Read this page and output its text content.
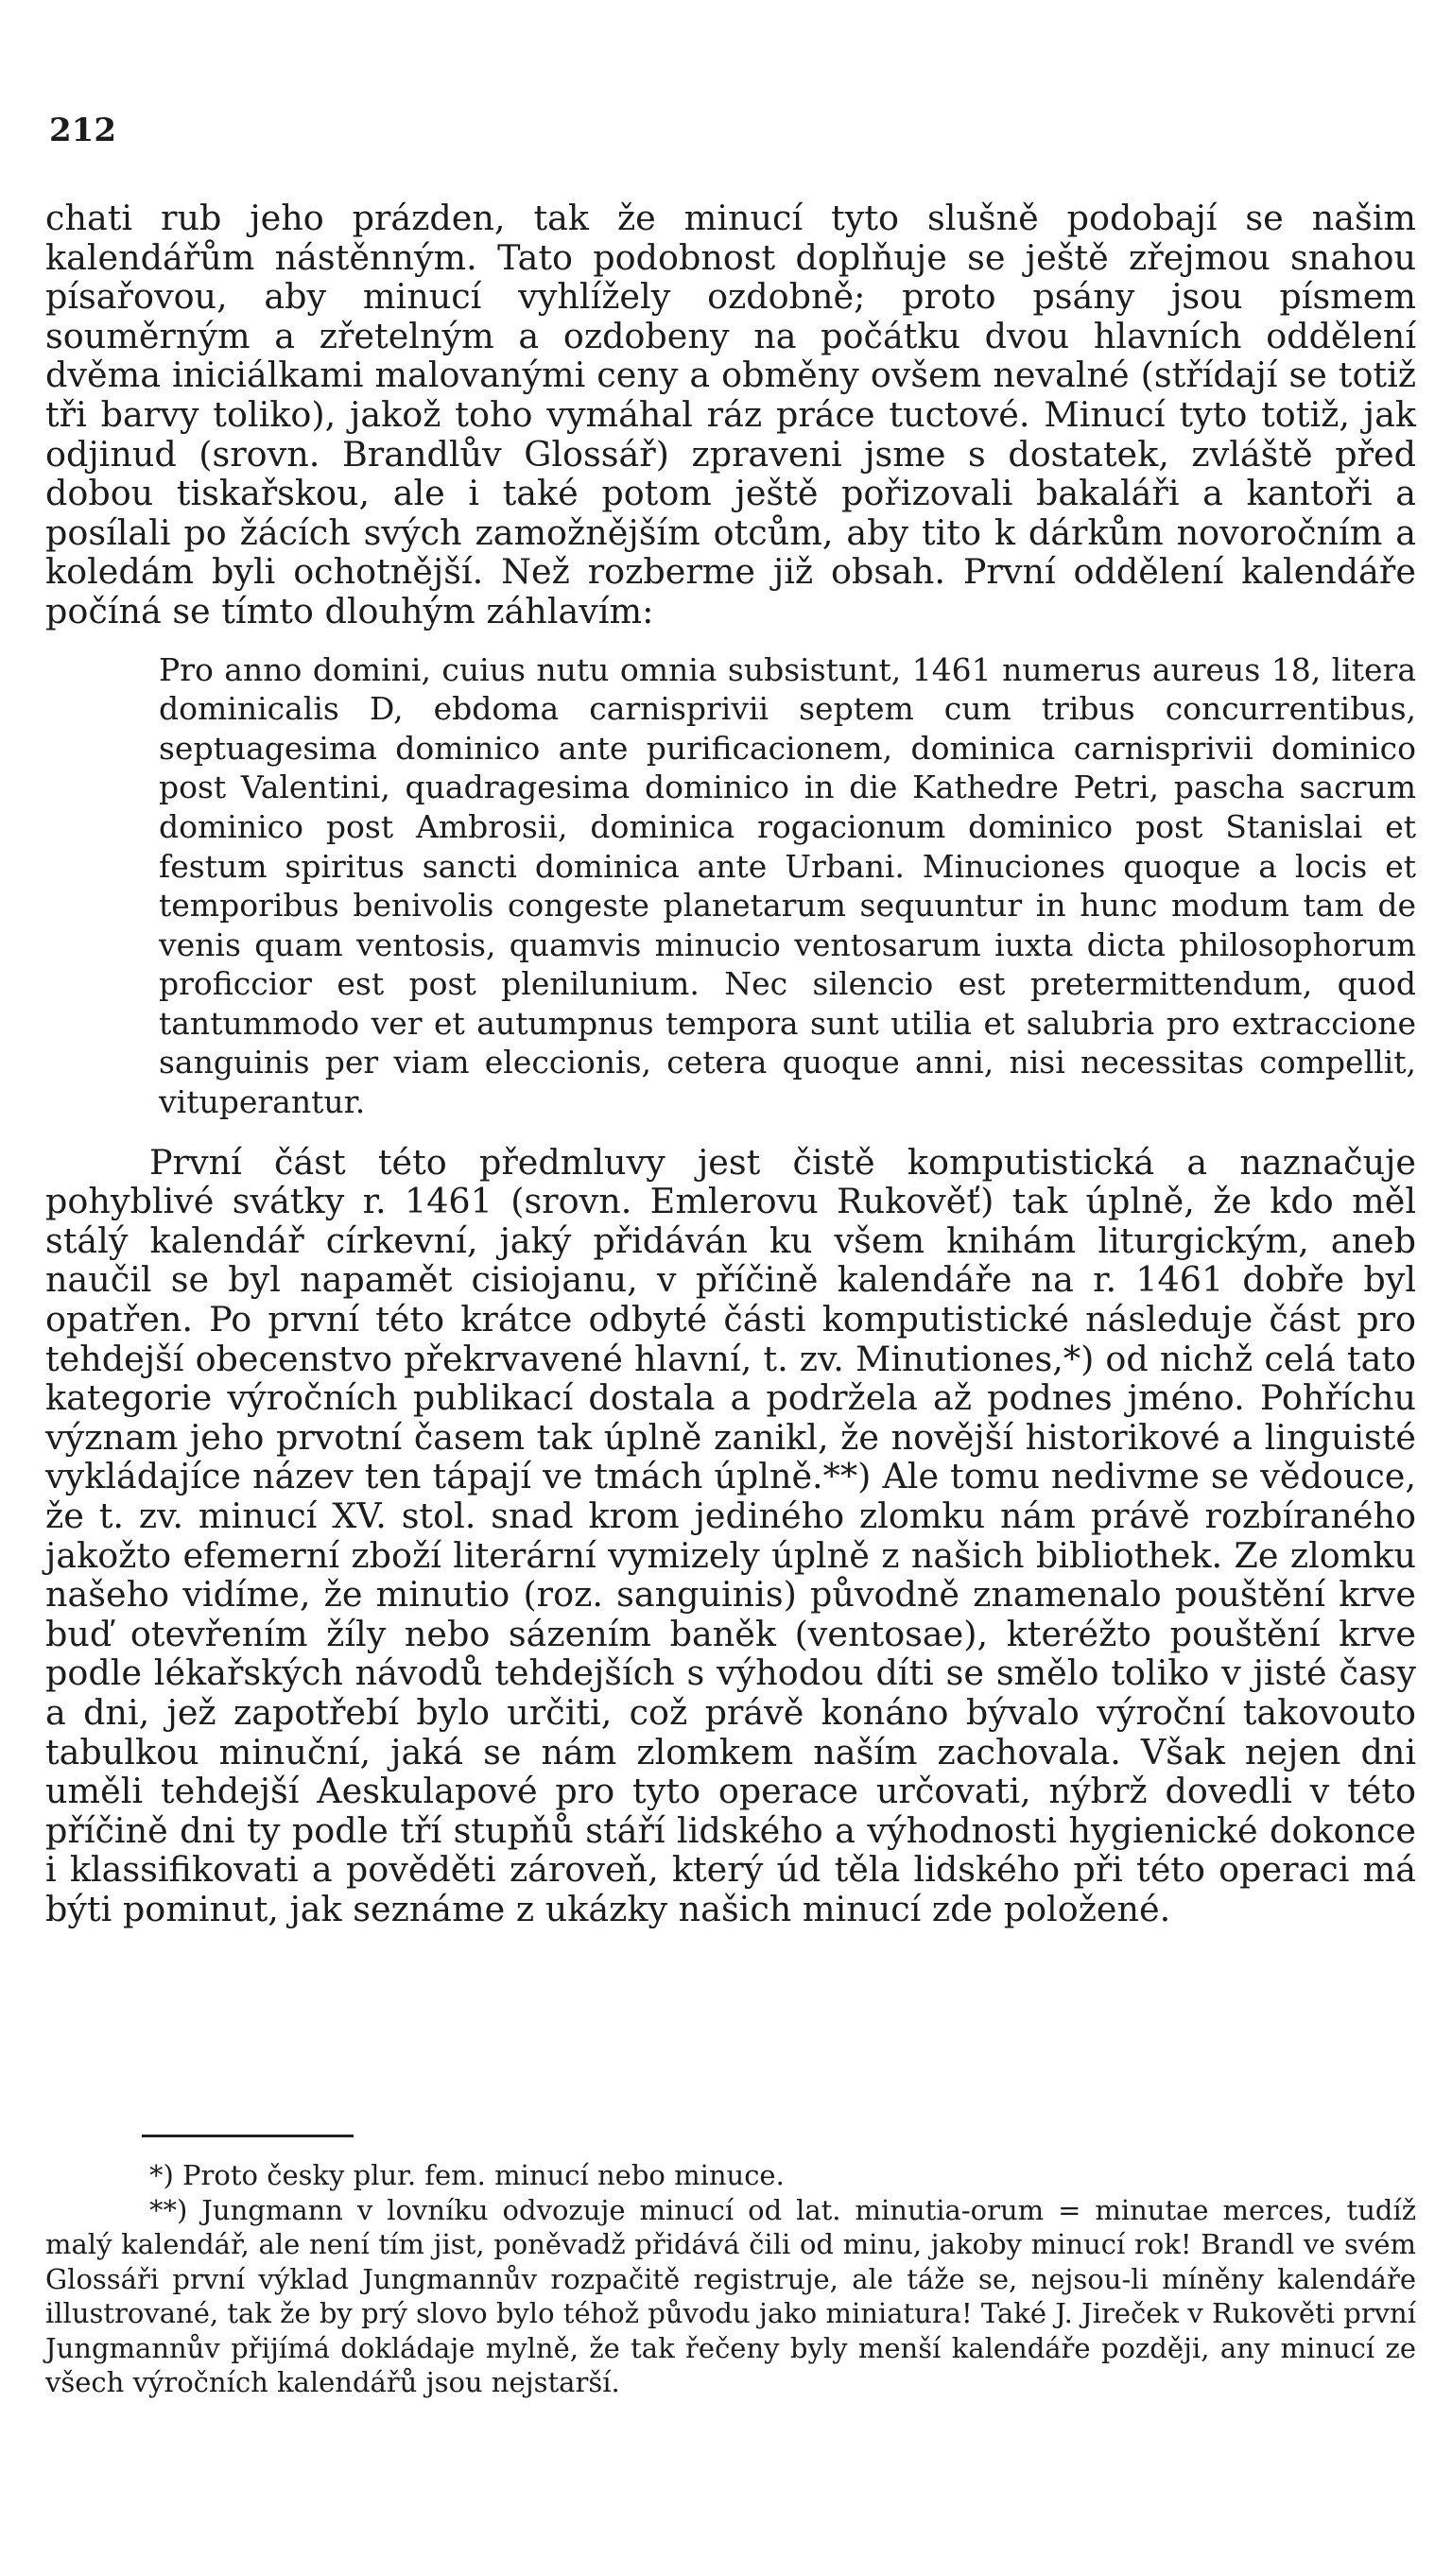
212

chati rub jeho prázden, tak že minucí tyto slušně podobají se našim kalendářům nástěnným. Tato podobnost doplňuje se ještě zřejmou snahou písařovou, aby minucí vyhlížely ozdobně; proto psány jsou písmem souměrným a zřetelným a ozdobeny na počátku dvou hlavních oddělení dvěma iniciálkami malovanými ceny a obměny ovšem nevalné (střídají se totiž tři barvy toliko), jakož toho vymáhal ráz práce tuctové. Minucí tyto totiž, jak odjinud (srovn. Brandlův Glossář) zpraveni jsme s dostatek, zvláště před dobou tiskařskou, ale i také potom ještě pořizovali bakaláři a kantoři a posílali po žácích svých zamožnějším otcům, aby tito k dárkům novoročním a koledám byli ochotnější. Než rozberme již obsah. První oddělení kalendáře počíná se tímto dlouhým záhlavím:

Pro anno domini, cuius nutu omnia subsistunt, 1461 numerus aureus 18, litera dominicalis D, ebdoma carnisprivii septem cum tribus concurrentibus, septuagesima dominico ante purificacionem, dominica carnisprivii dominico post Valentini, quadragesima dominico in die Kathedre Petri, pascha sacrum dominico post Ambrosii, dominica rogacionum dominico post Stanislai et festum spiritus sancti dominica ante Urbani. Minuciones quoque a locis et temporibus benivolis congeste planetarum sequuntur in hunc modum tam de venis quam ventosis, quamvis minucio ventosarum iuxta dicta philosophorum proficcior est post plenilunium. Nec silencio est pretermittendum, quod tantummodo ver et autumpnus tempora sunt utilia et salubria pro extraccione sanguinis per viam eleccionis, cetera quoque anni, nisi necessitas compellit, vituperantur.

První část této předmluvy jest čistě komputistická a naznačuje pohyblivé svátky r. 1461 (srovn. Emlerovu Rukověť) tak úplně, že kdo měl stálý kalendář církevní, jaký přidáván ku všem knihám liturgickým, aneb naučil se byl napamět cisiojanu, v příčině kalendáře na r. 1461 dobře byl opatřen. Po první této krátce odbyté části komputistické následuje část pro tehdejší obecenstvo překrvavené hlavní, t. zv. Minutiones,*) od nichž celá tato kategorie výročních publikací dostala a podržela až podnes jméno. Pohříchu význam jeho prvotní časem tak úplně zanikl, že novější historikové a linguisté vykládajíce název ten tápají ve tmách úplně.**) Ale tomu nedivme se vědouce, že t. zv. minucí XV. stol. snad krom jediného zlomku nám právě rozbíraného jakožto efemerní zboží literární vymizely úplně z našich bibliothek. Ze zlomku našeho vidíme, že minutio (roz. sanguinis) původně znamenalo pouštění krve buď otevřením žíly nebo sázením baněk (ventosae), kteréžto pouštění krve podle lékařských návodů tehdejších s výhodou díti se smělo toliko v jisté časy a dni, jež zapotřebí bylo určiti, což právě konáno bývalo výroční takovouto tabulkou minuční, jaká se nám zlomkem naším zachovala. Však nejen dni uměli tehdejší Aeskulapové pro tyto operace určovati, nýbrž dovedli v této příčině dni ty podle tří stupňů stáří lidského a výhodnosti hygienické dokonce i klassifikovati a pověděti zároveň, který úd těla lidského při této operaci má býti pominut, jak seznáme z ukázky našich minucí zde položené.

*) Proto česky plur. fem. minucí nebo minuce.

**) Jungmann v lovníku odvozuje minucí od lat. minutia-orum = minutae merces, tudíž malý kalendář, ale není tím jist, poněvadž přidává čili od minu, jakoby minucí rok! Brandl ve svém Glossáři první výklad Jungmannův rozpačitě registruje, ale táže se, nejsou-li míněny kalendáře illustrované, tak že by prý slovo bylo téhož původu jako miniatura! Také J. Jireček v Rukověti první Jungmannův přijímá dokládaje mylně, že tak řečeny byly menší kalendáře později, any minucí ze všech výročních kalendářů jsou nejstarší.
